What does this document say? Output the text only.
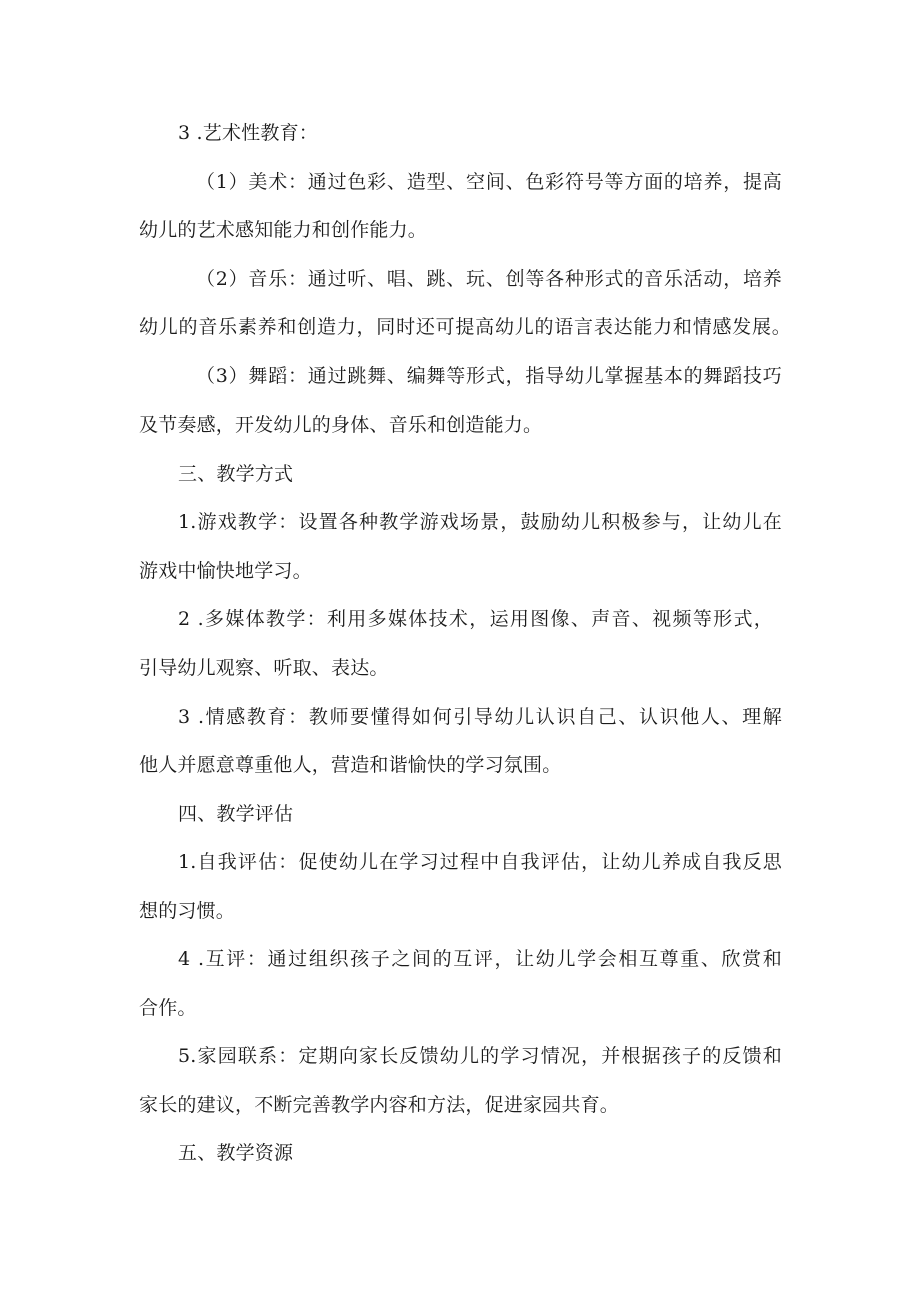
3 .艺术性教育：
（1）美术：通过色彩、造型、空间、色彩符号等方面的培养，提高
幼儿的艺术感知能力和创作能力。
（2）音乐：通过听、唱、跳、玩、创等各种形式的音乐活动，培养
幼儿的音乐素养和创造力，同时还可提高幼儿的语言表达能力和情感发展。
（3）舞蹈：通过跳舞、编舞等形式，指导幼儿掌握基本的舞蹈技巧
及节奏感，开发幼儿的身体、音乐和创造能力。
三、教学方式
1.游戏教学：设置各种教学游戏场景，鼓励幼儿积极参与，让幼儿在
游戏中愉快地学习。
2 .多媒体教学：利用多媒体技术，运用图像、声音、视频等形式，
引导幼儿观察、听取、表达。
3 .情感教育：教师要懂得如何引导幼儿认识自己、认识他人、理解
他人并愿意尊重他人，营造和谐愉快的学习氛围。
四、教学评估
1.自我评估：促使幼儿在学习过程中自我评估，让幼儿养成自我反思
想的习惯。
4 .互评：通过组织孩子之间的互评，让幼儿学会相互尊重、欣赏和
合作。
5.家园联系：定期向家长反馈幼儿的学习情况，并根据孩子的反馈和
家长的建议，不断完善教学内容和方法，促进家园共育。
五、教学资源
